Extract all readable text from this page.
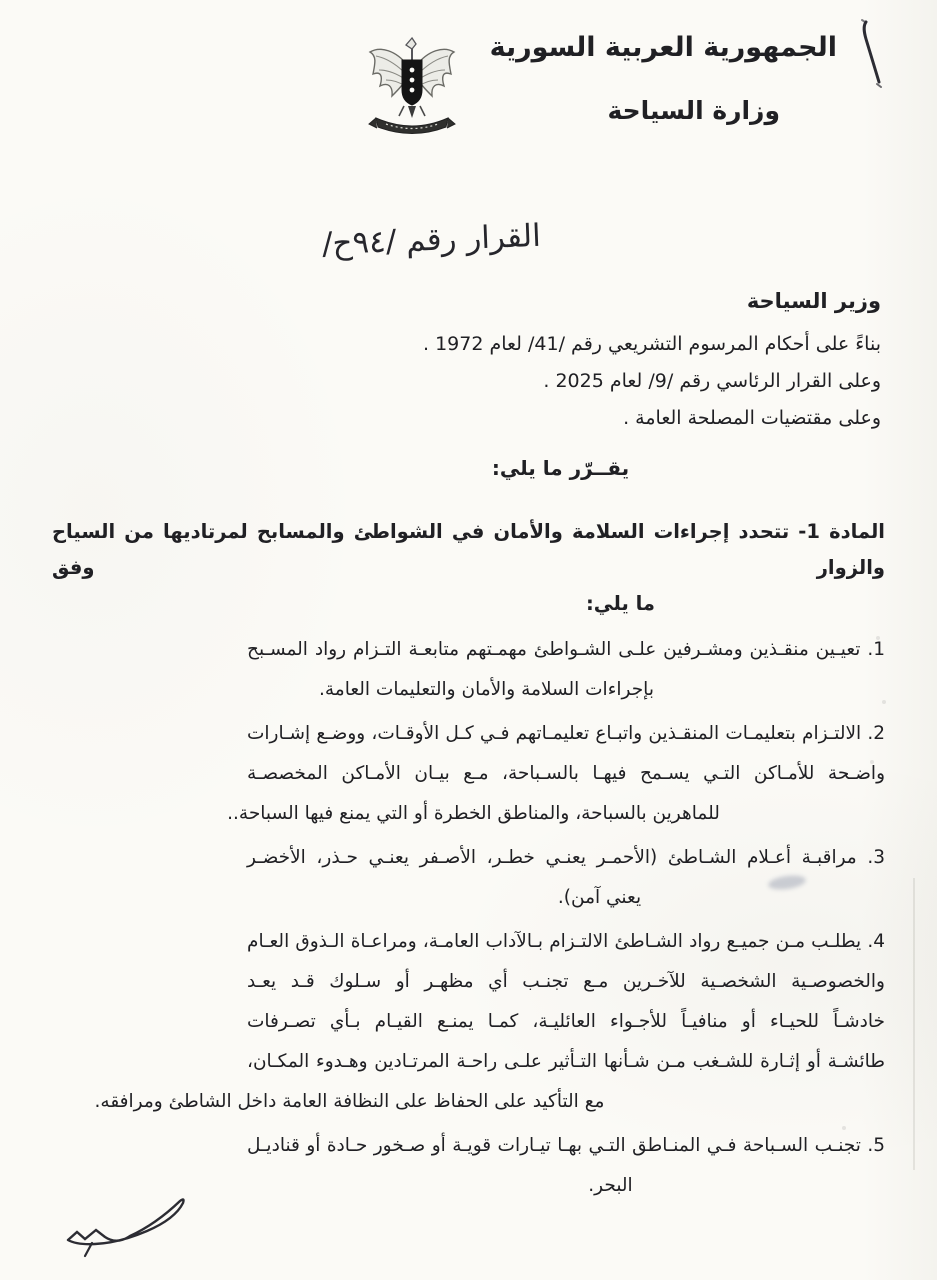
الجمهورية العربية السورية
وزارة السياحة
القرار رقم /٩٤ح/
وزير السياحة
بناءً على أحكام المرسوم التشريعي رقم /41/ لعام 1972 .
وعلى القرار الرئاسي رقم /9/ لعام 2025 .
وعلى مقتضيات المصلحة العامة .
يقــرّر ما يلي:
المادة 1- تتحدد إجراءات السلامة والأمان في الشواطئ والمسابح لمرتاديها من السياح والزوار وفق
ما يلي:
1. تعيـين منقـذين ومشـرفين علـى الشـواطئ مهمـتهم متابعـة التـزام رواد المسـبح
بإجراءات السلامة والأمان والتعليمات العامة.
2. الالتـزام بتعليمـات المنقـذين واتبـاع تعليمـاتهم فـي كـل الأوقـات، ووضـع إشـارات
واضـحة للأمـاكن التـي يسـمح فيهـا بالسـباحة، مـع بيـان الأمـاكن المخصصـة
للماهرين بالسباحة، والمناطق الخطرة أو التي يمنع فيها السباحة..
3. مراقبـة أعـلام الشـاطئ (الأحمـر يعنـي خطـر، الأصـفر يعنـي حـذر، الأخضـر
يعني آمن).
4. يطلـب مـن جميـع رواد الشـاطئ الالتـزام بـالآداب العامـة، ومراعـاة الـذوق العـام
والخصوصـية الشخصـية للآخـرين مـع تجنـب أي مظهـر أو سـلوك قـد يعـد
خادشـاً للحيـاء أو منافيـاً للأجـواء العائليـة، كمـا يمنـع القيـام بـأي تصـرفات
طائشـة أو إثـارة للشـغب مـن شـأنها التـأثير علـى راحـة المرتـادين وهـدوء المكـان،
مع التأكيد على الحفاظ على النظافة العامة داخل الشاطئ ومرافقه.
5. تجنـب السـباحة فـي المنـاطق التـي بهـا تيـارات قويـة أو صـخور حـادة أو قناديـل
البحر.
